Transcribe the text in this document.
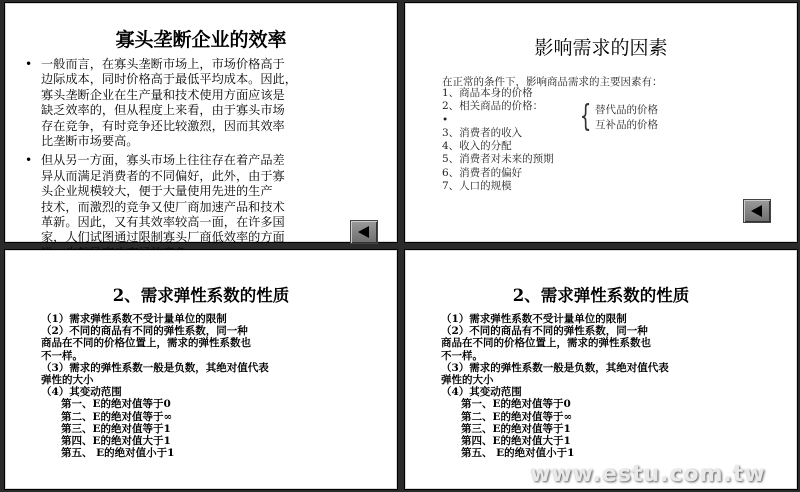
寡头垄断企业的效率
• 一般而言，在寡头垄断市场上，市场价格高于
边际成本，同时价格高于最低平均成本。因此，
寡头垄断企业在生产量和技术使用方面应该是
缺乏效率的，但从程度上来看，由于寡头市场
存在竞争，有时竞争还比较激烈，因而其效率
比垄断市场要高。
• 但从另一方面，寡头市场上往往存在着产品差
异从而满足消费者的不同偏好，此外，由于寡
头企业规模较大，便于大量使用先进的生产
技术，而激烈的竞争又使厂商加速产品和技术
革新。因此，又有其效率较高一面，在许多国
家，人们试图通过限制寡头厂商低效率的方面
影响需求的因素
在正常的条件下，影响商品需求的主要因素有：
1、商品本身的价格
2、相关商品的价格：
•
3、消费者的收入
4、收入的分配
5、消费者对未来的预期
6、消费者的偏好
7、人口的规模
{ 替代品的价格
互补品的价格
2、需求弹性系数的性质
（1）需求弹性系数不受计量单位的限制
（2）不同的商品有不同的弹性系数，同一种
商品在不同的价格位置上，需求的弹性系数也
不一样。
（3）需求的弹性系数一般是负数，其绝对值代表
弹性的大小
（4）其变动范围
第一、E的绝对值等于0
第二、E的绝对值等于∞
第三、E的绝对值等于1
第四、E的绝对值大于1
第五、 E的绝对值小于1
2、需求弹性系数的性质
（1）需求弹性系数不受计量单位的限制
（2）不同的商品有不同的弹性系数，同一种
商品在不同的价格位置上，需求的弹性系数也
不一样。
（3）需求的弹性系数一般是负数，其绝对值代表
弹性的大小
（4）其变动范围
第一、E的绝对值等于0
第二、E的绝对值等于∞
第三、E的绝对值等于1
第四、E的绝对值大于1
第五、 E的绝对值小于1
www.estu.com.tw
